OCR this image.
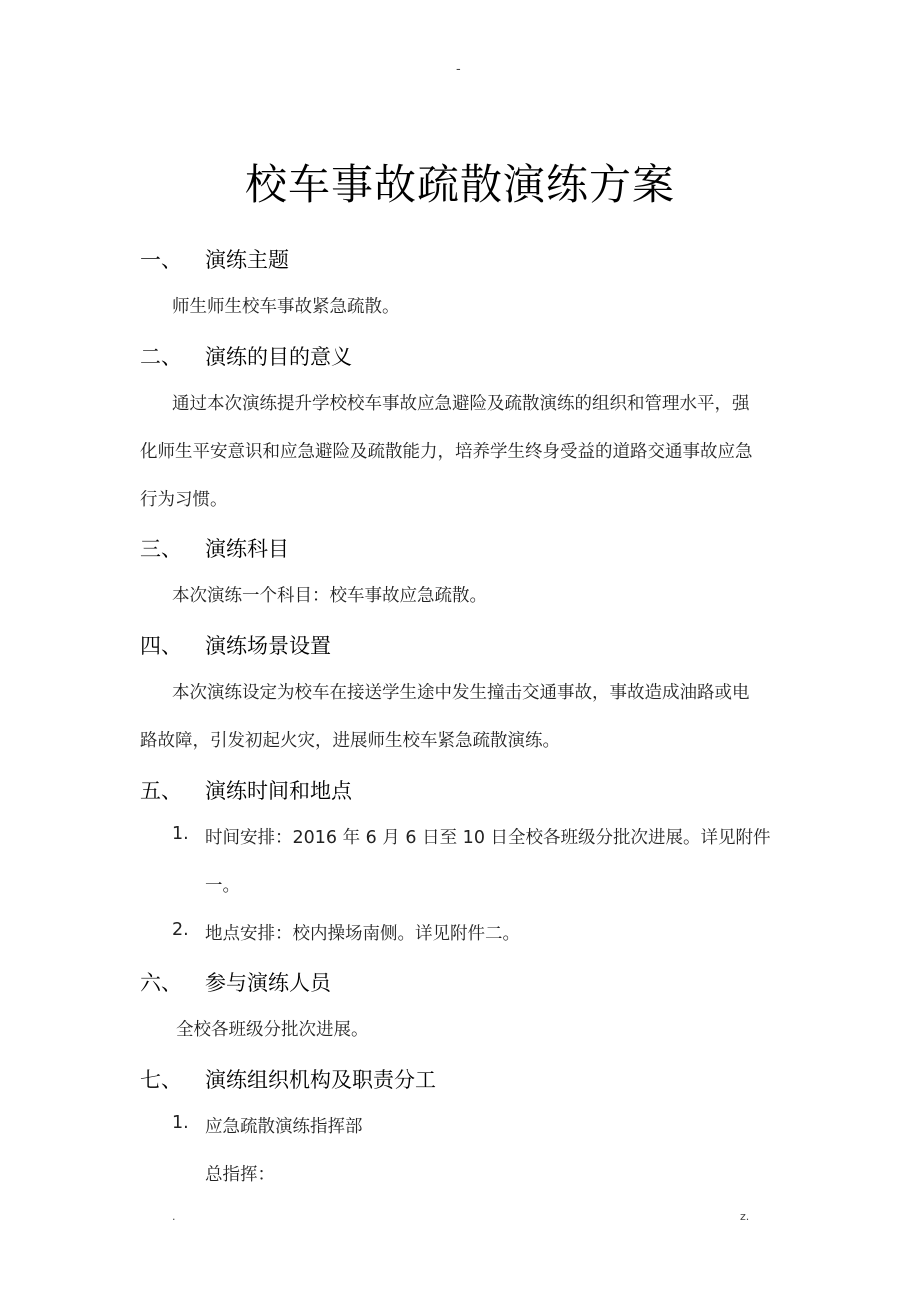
-
校车事故疏散演练方案
一、 演练主题
师生师生校车事故紧急疏散。
二、 演练的目的意义
通过本次演练提升学校校车事故应急避险及疏散演练的组织和管理水平，强
化师生平安意识和应急避险及疏散能力，培养学生终身受益的道路交通事故应急
行为习惯。
三、 演练科目
本次演练一个科目：校车事故应急疏散。
四、 演练场景设置
本次演练设定为校车在接送学生途中发生撞击交通事故，事故造成油路或电
路故障，引发初起火灾，进展师生校车紧急疏散演练。
五、 演练时间和地点
1. 时间安排：2016 年 6 月 6 日至 10 日全校各班级分批次进展。详见附件
一。
2. 地点安排：校内操场南侧。详见附件二。
六、 参与演练人员
全校各班级分批次进展。
七、 演练组织机构及职责分工
1. 应急疏散演练指挥部
总指挥：
.	z.
